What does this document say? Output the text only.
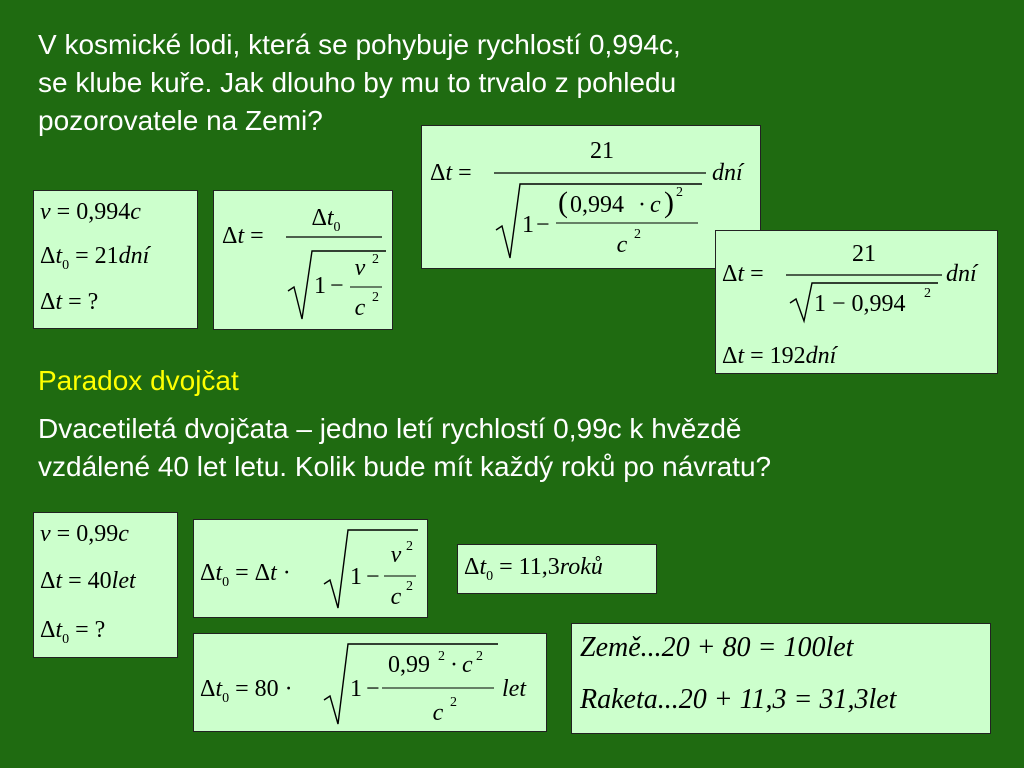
V kosmické lodi, která se pohybuje rychlostí 0,994c,
se klube kuře. Jak dlouho by mu to trvalo z pohledu
pozorovatele na Zemi?
v = 0,994c
$\Delta t_0$ = 21dní
Δt = ?
Δt =
$\Delta t_0$
1 −
v 2
c 2
Δt =
21
dní
1 −
( 0,994 · c ) 2
c 2
Δt =
21
dní
1 − 0,994 2
Δt = 192dní
Paradox dvojčat
Dvacetiletá dvojčata – jedno letí rychlostí 0,99c k hvězdě
vzdálené 40 let letu. Kolik bude mít každý roků po návratu?
v = 0,99c
Δt = 40let
$\Delta t_0$ = ?
$\Delta t_0 = \Delta t \cdot 1$ −
v 2
c 2
$\Delta t_0$ = 11,3roků
$\Delta t_0 = 80 \cdot 1$ −
0,99 2 · c 2
c 2
let
Země...20 + 80 = 100let
Raketa...20 + 11,3 = 31,3let
